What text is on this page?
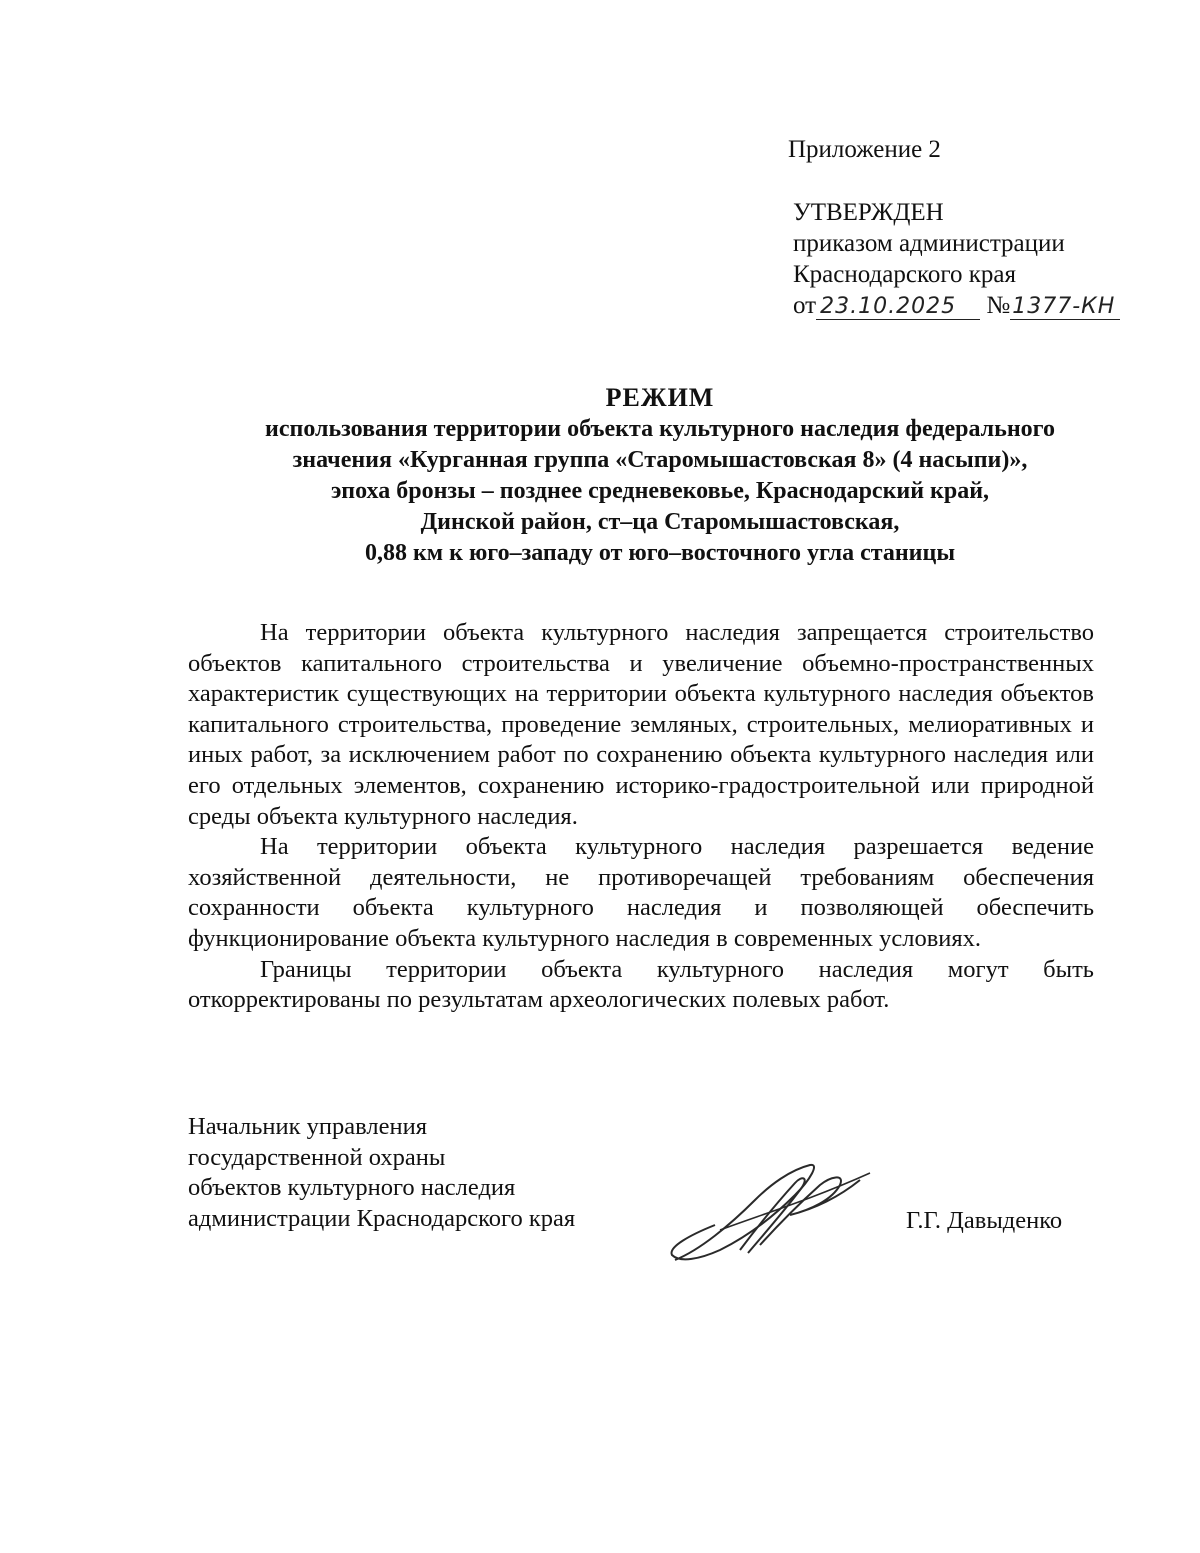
Приложение 2
УТВЕРЖДЕН
приказом администрации
Краснодарского края
от 23.10.2025 №1377-КН
РЕЖИМ
использования территории объекта культурного наследия федерального
значения «Курганная группа «Старомышастовская 8» (4 насыпи)»,
эпоха бронзы – позднее средневековье, Краснодарский край,
Динской район, ст–ца Старомышастовская,
0,88 км к юго–западу от юго–восточного угла станицы

На территории объекта культурного наследия запрещается строительство объектов капитального строительства и увеличение объемно-пространственных характеристик существующих на территории объекта культурного наследия объектов капитального строительства, проведение земляных, строительных, мелиоративных и иных работ, за исключением работ по сохранению объекта культурного наследия или его отдельных элементов, сохранению историко-градостроительной или природной среды объекта культурного наследия.

На территории объекта культурного наследия разрешается ведение хозяйственной деятельности, не противоречащей требованиям обеспечения сохранности объекта культурного наследия и позволяющей обеспечить функционирование объекта культурного наследия в современных условиях.

Границы территории объекта культурного наследия могут быть откорректированы по результатам археологических полевых работ.

Начальник управления
государственной охраны
объектов культурного наследия
администрации Краснодарского края	Г.Г. Давыденко
